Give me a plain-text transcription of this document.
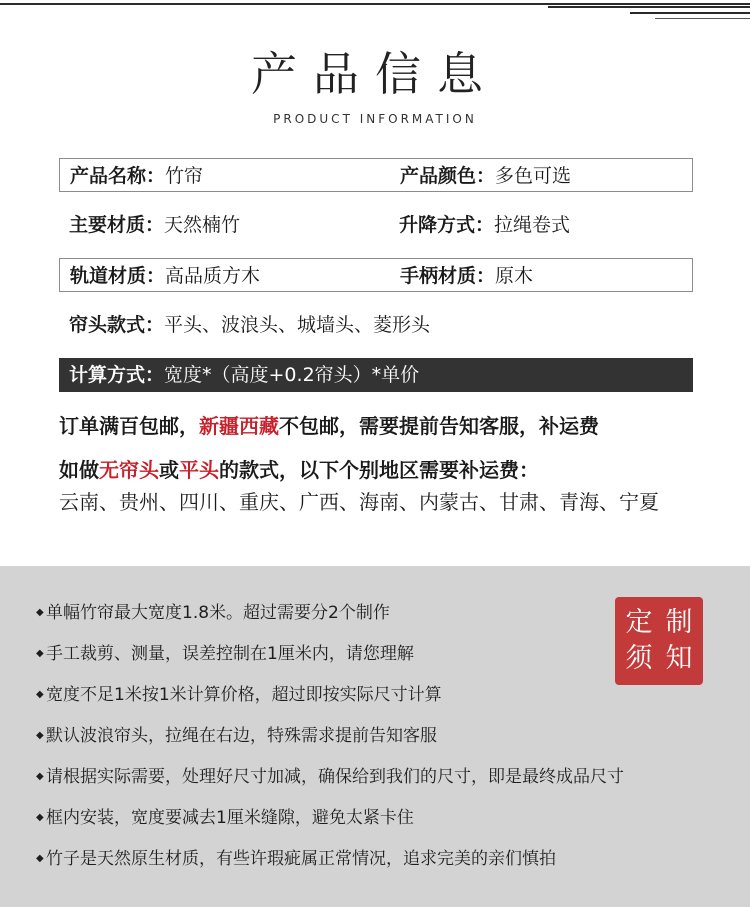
产品信息
PRODUCT INFORMATION
产品名称：竹帘	产品颜色：多色可选
主要材质：天然楠竹	升降方式：拉绳卷式
轨道材质：高品质方木	手柄材质：原木
帘头款式：平头、波浪头、城墙头、菱形头
计算方式：宽度*（高度+0.2帘头）*单价
订单满百包邮，新疆西藏不包邮，需要提前告知客服，补运费
如做无帘头或平头的款式，以下个别地区需要补运费：
云南、贵州、四川、重庆、广西、海南、内蒙古、甘肃、青海、宁夏
◆ 单幅竹帘最大宽度1.8米。超过需要分2个制作
◆ 手工裁剪、测量，误差控制在1厘米内，请您理解
◆ 宽度不足1米按1米计算价格，超过即按实际尺寸计算
◆ 默认波浪帘头，拉绳在右边，特殊需求提前告知客服
◆ 请根据实际需要，处理好尺寸加减，确保给到我们的尺寸，即是最终成品尺寸
◆ 框内安装，宽度要减去1厘米缝隙，避免太紧卡住
◆ 竹子是天然原生材质，有些许瑕疵属正常情况，追求完美的亲们慎拍
定 制
须 知
